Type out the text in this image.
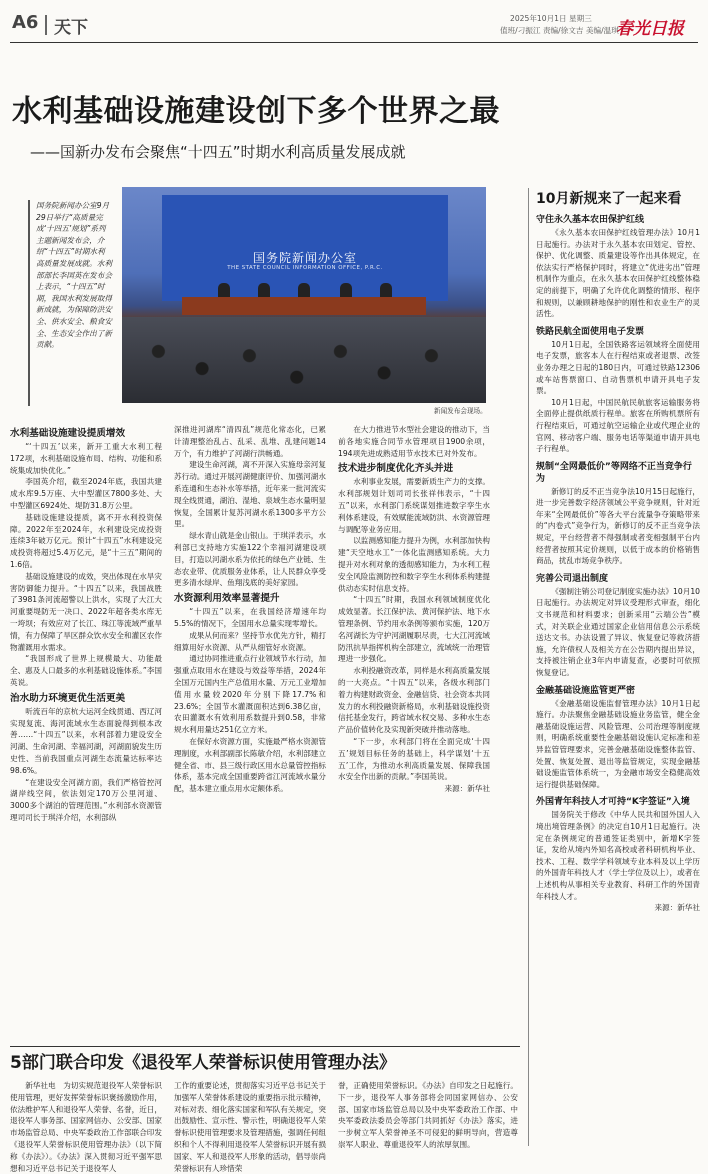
A6 天下	2025年10月1日 星期三
值班/刁振江 责编/徐文吉 美编/温琪
春光日报
水利基础设施建设创下多个世界之最
——国新办发布会聚焦“十四五”时期水利高质量发展成就

国务院新闻办公室9月29日举行“高质量完成‘十四五’规划”系列主题新闻发布会，介绍“十四五”时期水利高质量发展成就。水利部部长李国英在发布会上表示，“十四五”时期，我国水利发展取得新成就，为保障防洪安全、供水安全、粮食安全、生态安全作出了新贡献。

国务院新闻办公室
THE STATE COUNCIL INFORMATION OFFICE, P.R.C.
新闻发布会现场。
水利基础设施建设提质增效

“‘十四五’以来，新开工重大水利工程172项，水利基础设施布局、结构、功能和系统集成加快优化。”

李国英介绍，截至2024年底，我国共建成水库9.5万座、大中型灌区7800多处、大中型灌区6924处、堤防31.8万公里。

基础设施建设提质，离不开水利投资保障。2022年至2024年，水利建设完成投资连续3年破万亿元。预计“十四五”水利建设完成投资将超过5.4万亿元，是“十三五”期间的1.6倍。

基础设施建设的成效，突出体现在水旱灾害防御能力提升。“十四五”以来，我国战胜了3981条河流超警以上洪水，实现了大江大河重要堤防无一决口、2022年超各类水库无一垮坝；有效应对了长江、珠江等流域严重旱情，有力保障了旱区群众饮水安全和灌区农作物灌溉用水需求。

“我国形成了世界上规模最大、功能最全、惠及人口最多的水利基础设施体系。”李国英说。

治水助力环境更优生活更美

听流百年的京杭大运河全线贯通、西辽河实现复流、海河流域水生态面貌得到根本改善……“十四五”以来，水利部着力建设安全河湖、生命河湖、幸福河湖，河湖面貌发生历史性、当前我国重点河湖生态流量达标率达98.6%。

“在建设安全河湖方面，我们严格管控河湖岸线空间，依法划定170万公里河道、3000多个湖泊的管理范围。”水利部水资源管理司司长于琪洋介绍，水利部纵

深推进河湖库“清四乱”规范化常态化，已累计清理整治乱占、乱采、乱堆、乱建问题14万个，有力维护了河湖行洪畅通。

建设生命河湖，离不开深入实施母亲河复苏行动。通过开展河湖健康评价、加强河湖水系连通和生态补水等举措，近年来一批河流实现全线贯通，湖泊、湿地、泉域生态水量明显恢复，全国累计复苏河湖水系1300多平方公里。

绿水青山就是金山银山。于琪洋表示，水利部已支持地方实施122个幸福河湖建设项目，打造以河湖水系为依托的绿色产业链、生态农业带、优质服务业体系，让人民群众享受更多清水绿岸、鱼翔浅底的美好家园。

水资源利用效率显著提升

“十四五”以来，在我国经济增速年均5.5%的情况下，全国用水总量实现零增长。

成果从何而来？坚持节水优先方针，精打细算用好水资源、从严从细管好水资源。

通过协同推进重点行业领域节水行动，加强重点取用水在建设与效益等举措，2024年全国万元国内生产总值用水量、万元工业增加值用水量较2020年分别下降17.7%和23.6%；全国节水灌溉面积达到6.38亿亩，农田灌溉水有效利用系数提升到0.58，非常规水利用量达251亿立方米。

在保好水资源方面，实施最严格水资源管理制度，水利部副部长陈敏介绍，水利部建立健全省、市、县三级行政区用水总量管控指标体系，基本完成全国重要跨省江河流域水量分配，基本建立重点用水定额体系。

在大力推进节水型社会建设的推动下，当前各地实施合同节水管理项目1900余项，194项先进成熟适用节水技术已对外发布。

技术进步制度优化齐头并进

水利事业发展，需要新质生产力的支撑。水利部规划计划司司长张祥伟表示，“十四五”以来，水利部门系统谋划推进数字孪生水利体系建设，有效赋能流域防洪、水资源管理与调配等业务应用。

以监测感知能力提升为例，水利部加快构建“天空地水工”一体化监测感知系统。大力提升对水利对象的透彻感知能力，为水利工程安全风险监测防控和数字孪生水利体系构建提供动态实时信息支持。

“十四五”时期，我国水利领域制度优化成效显著。长江保护法、黄河保护法、地下水管理条例、节约用水条例等颁布实施，120万名河湖长为守护河湖履职尽责，七大江河流域防汛抗旱指挥机构全部建立，流域统一治理管理进一步强化。

水利投融资改革，同样是水利高质量发展的一大亮点。“十四五”以来，各级水利部门着力构建财政资金、金融信贷、社会资本共同发力的水利投融资新格局，水利基础设施投资信托基金发行，跨省域水权交易、多种水生态产品价值转化及实现新突破并推动落地。

“下一步，水利部门将在全面完成‘十四五’规划目标任务的基础上，科学谋划‘十五五’工作，为推动水利高质量发展、保障我国水安全作出新的贡献。”李国英说。

来源：新华社
10月新规来了一起来看
守住永久基本农田保护红线

《永久基本农田保护红线管理办法》10月1日起施行。办法对于永久基本农田划定、管控、保护、优化调整、质量建设等作出具体规定，在依法实行严格保护同时，将建立“优进劣出”管理机制作为重点，在永久基本农田保护红线整体稳定的前提下，明确了允许优化调整的情形、程序和规则，以兼顾耕地保护的刚性和农业生产的灵活性。

铁路民航全面使用电子发票

10月1日起，全国铁路客运领域将全面使用电子发票，旅客本人在行程结束或者退票、改签业务办理之日起的180日内，可通过铁路12306或车站售票窗口、自动售票机申请开具电子发票。

10月1日起，中国民航民航旅客运输服务将全面停止提供纸质行程单。旅客在所购机票所有行程结束后，可通过航空运输企业或代理企业的官网、移动客户端、服务电话等渠道申请开具电子行程单。

规制“全网最低价”等网络不正当竞争行为

新修订的反不正当竞争法10月15日起施行，进一步完善数字经济领域公平竞争规则，针对近年来“全网最低价”等各大平台流量争夺策略带来的“内卷式”竞争行为，新修订的反不正当竞争法规定，平台经营者不得强制或者变相强制平台内经营者按照其定价规则，以低于成本的价格销售商品，扰乱市场竞争秩序。

完善公司退出制度

《强制注销公司登记制度实施办法》10月10日起施行。办法规定对异议受理形式审查，细化文书规范和材料要求；创新采用“云端公告”模式，对关联企业通过国家企业信用信息公示系统送达文书。办法设置了异议、恢复登记等救济措施，允许债权人及相关方在公告期内提出异议，支持被注销企业3年内申请复查，必要时可依照恢复登记。

金融基础设施监管更严密

《金融基础设施监督管理办法》10月1日起施行。办法聚焦金融基础设施业务监管，健全金融基础设施运营、风险管理、公司治理等制度规则，明确系统重要性金融基础设施认定标准和差异监管管理要求，完善金融基础设施整体监管、处置、恢复处置、退出等监管规定，实现金融基础设施监管体系统一，为金融市场安全稳健高效运行提供基础保障。

外国青年科技人才可持“K字签证”入境

国务院关于修改《中华人民共和国外国人入境出境管理条例》的决定自10月1日起施行。决定在条例规定的普通签证类别中，新增K字签证，发给从境内外知名高校或者科研机构毕业、技术、工程、数学学科领域专业本科及以上学历的外国青年科技人才（学士学位及以上），或者在上述机构从事相关专业教育、科研工作的外国青年科技人才。

来源：新华社
5部门联合印发《退役军人荣誉标识使用管理办法》

新华社电　为切实规范退役军人荣誉标识使用管理，更好发挥荣誉标识褒扬激励作用，依法维护军人和退役军人荣誉、名誉，近日，退役军人事务部、国家网信办、公安部、国家市场监管总局、中央军委政治工作部联合印发《退役军人荣誉标识使用管理办法》（以下简称《办法》）。《办法》深入贯彻习近平强军思想和习近平总书记关于退役军人

工作的重要论述，贯彻落实习近平总书记关于加强军人荣誉体系建设的重要指示批示精神，对标对表、细化落实国家和军队有关规定，突出鼓励性、宣示性、警示性，明确退役军人荣誉标识使用管理要求及管理措施，强调任何组织和个人不得利用退役军人荣誉标识开展有损国家、军人和退役军人形象的活动，倡导崇尚荣誉标识有人珍惜荣

誉，正确使用荣誉标识。《办法》自印发之日起施行。下一步，退役军人事务部将会同国家网信办、公安部、国家市场监管总局以及中央军委政治工作部、中央军委政法委员会等部门共同抓好《办法》落实，进一步树立军人荣誉神圣不可侵犯的鲜明导向，营造尊崇军人职业、尊重退役军人的浓厚氛围。
